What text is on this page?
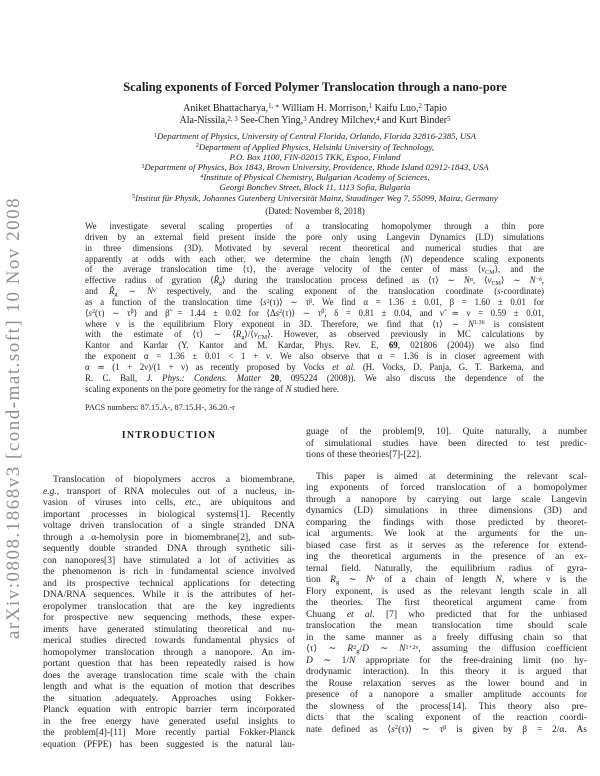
arXiv:0808.1868v3 [cond-mat.soft] 10 Nov 2008
Scaling exponents of Forced Polymer Translocation through a nano-pore
Aniket Bhattacharya,$^{1, ∗}$ William H. Morrison,$^1$ Kaifu Luo,$^2$ Tapio
Ala-Nissila,$^{2, 3}$ See-Chen Ying,$^3$ Andrey Milchev,$^4$ and Kurt Binder$^5$
$^1$Department of Physics, University of Central Florida, Orlando, Florida 32816-2385, USA
$^2$Department of Applied Physics, Helsinki University of Technology,
P.O. Box 1100, FIN-02015 TKK, Espoo, Finland
$^3$Department of Physics, Box 1843, Brown University, Providence, Rhode Island 02912-1843, USA
$^4$Institute of Physical Chemistry, Bulgarian Academy of Sciences,
Georgi Bonchev Street, Block 11, 1113 Sofia, Bulgaria
$^5$Institut für Physik, Johannes Gutenberg Universität Mainz, Staudinger Weg 7, 55099, Mainz, Germany
(Dated: November 8, 2018)
We investigate several scaling properties of a translocating homopolymer through a thin pore
driven by an external field present inside the pore only using Langevin Dynamics (LD) simulations
in three dimensions (3D). Motivated by several recent theoretical and numerical studies that are
apparently at odds with each other, we determine the chain length (N) dependence scaling exponents
of the average translocation time ⟨τ⟩, the average velocity of the center of mass $⟨v_{CM}⟩$, and the
effective radius of gyration $⟨R̃_g⟩$ during the translocation process defined as ⟨τ⟩ ∼ $N^\alpha$, $⟨v_{CM}⟩$ ∼ $N^{-\delta}$,
and $R̃_g$ ∼ $N^{\nũ}$ respectively, and the scaling exponent of the translocation coordinate (s-coordinate)
as a function of the translocation time $⟨s^2(\tau)⟩$ ∼ $\tau^\beta$. We find α = 1.36 ± 0.01, β = 1.60 ± 0.01 for
$⟨s^2(\tau)$ ∼ $\tau^\beta⟩$ and β̃ = 1.44 ± 0.02 for $⟨\Delta s^2(\tau)⟩$ ∼ $\tau^{\betã}$, δ = 0.81 ± 0.04, and ν̃ ≃ ν = 0.59 ± 0.01,
where ν is the equilibrium Flory exponent in 3D. Therefore, we find that ⟨τ⟩ ∼ $N^{1.36}$ is consistent
with the estimate of ⟨τ⟩ ∼ $⟨R_g⟩/⟨v_{CM}⟩$. However, as observed previously in MC calculations by
Kantor and Kardar (Y. Kantor and M. Kardar, Phys. Rev. E, 69, 021806 (2004)) we also find
the exponent α = 1.36 ± 0.01 < 1 + ν. We also observe that α = 1.36 is in closer agreement with
α ≃ (1 + 2ν)/(1 + ν) as recently proposed by Vocks et al. (H. Vocks, D. Panja, G. T. Barkema, and
R. C. Ball, J. Phys.: Condens. Matter 20, 095224 (2008)). We also discuss the dependence of the
scaling exponents on the pore geometry for the range of N studied here.
PACS numbers: 87.15.A-, 87.15.H-, 36.20.-r
INTRODUCTION
Translocation of biopolymers accros a biomembrane,
e.g., transport of RNA molecules out of a nucleus, in-
vasion of viruses into cells, etc., are ubiquitous and
important processes in biological systems[1]. Recently
voltage driven translocation of a single stranded DNA
through a α-hemolysin pore in biomembrane[2], and sub-
sequently double stranded DNA through synthetic sili-
con nanopores[3] have stimulated a lot of activities as
the phenomenon is rich in fundamental science involved
and its prospective technical applications for detecting
DNA/RNA sequences. While it is the attributes of het-
eropolymer translocation that are the key ingredients
for prospective new sequencing methods, these exper-
iments have generated stimulating theoretical and nu-
merical studies directed towards fundamental physics of
homopolymer translocation through a nanopore. An im-
portant question that has been repeatedly raised is how
does the average translocation time scale with the chain
length and what is the equation of motion that describes
the situation adequately. Approaches using Fokker-
Planck equation with entropic barrier term incorporated
in the free energy have generated useful insights to
the problem[4]-[11] More recently partial Fokker-Planck
equation (PFPE) has been suggested is the natural lan-
guage of the problem[9, 10]. Quite naturally, a number
of simulational studies have been directed to test predic-
tions of these theories[7]-[22].
This paper is aimed at determining the relevant scal-
ing exponents of forced translocation of a homopolymer
through a nanopore by carrying out large scale Langevin
dynamics (LD) simulations in three dimensions (3D) and
comparing the findings with those predicted by theoret-
ical arguments. We look at the arguments for the un-
biased case first as it serves as the reference for extend-
ing the theoretical arguments in the presence of an ex-
ternal field. Naturally, the equilibrium radius of gyra-
tion $R_g$ ∼ $N^\nu$ of a chain of length N, where ν is the
Flory exponent, is used as the relevant length scale in all
the theories. The first theoretical argument came from
Chuang et al. [7] who predicted that for the unbiased
translocation the mean translocation time should scale
in the same manner as a freely diffusing chain so that
⟨τ⟩ ∼ $R^2_g/D$ ∼ $N^{1+2\nu}$, assuming the diffusion coefficient
D ∼ 1/N appropriate for the free-draining limit (no hy-
drodynamic interaction). In this theory it is argued that
the Rouse relaxation serves as the lower bound and in
presence of a nanopore a smaller amplitude accounts for
the slowness of the process[14]. This theory also pre-
dicts that the scaling exponent of the reaction coordi-
nate defined as $⟨s^2(\tau)⟩$ ∼ $\tau^\beta$ is given by β = 2/α. As
